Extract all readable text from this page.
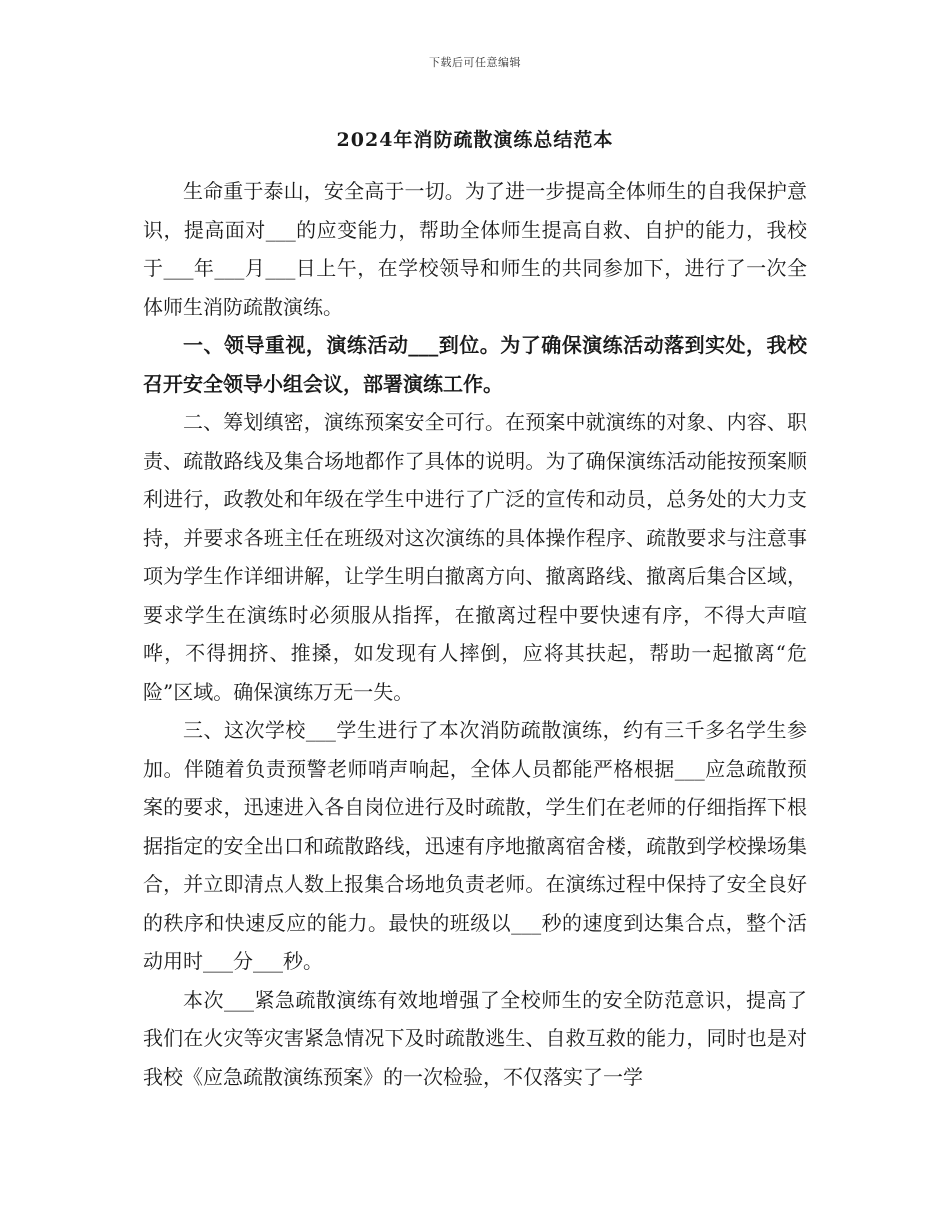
下载后可任意编辑
2024年消防疏散演练总结范本

生命重于泰山，安全高于一切。为了进一步提高全体师生的自我保护意识，提高面对___的应变能力，帮助全体师生提高自救、自护的能力，我校于___年___月___日上午，在学校领导和师生的共同参加下，进行了一次全体师生消防疏散演练。

一、领导重视，演练活动___到位。为了确保演练活动落到实处，我校召开安全领导小组会议，部署演练工作。

二、筹划缜密，演练预案安全可行。在预案中就演练的对象、内容、职责、疏散路线及集合场地都作了具体的说明。为了确保演练活动能按预案顺利进行，政教处和年级在学生中进行了广泛的宣传和动员，总务处的大力支持，并要求各班主任在班级对这次演练的具体操作程序、疏散要求与注意事项为学生作详细讲解，让学生明白撤离方向、撤离路线、撤离后集合区域，要求学生在演练时必须服从指挥，在撤离过程中要快速有序，不得大声喧哗，不得拥挤、推搡，如发现有人摔倒，应将其扶起，帮助一起撤离“危险”区域。确保演练万无一失。

三、这次学校___学生进行了本次消防疏散演练，约有三千多名学生参加。伴随着负责预警老师哨声响起，全体人员都能严格根据___应急疏散预案的要求，迅速进入各自岗位进行及时疏散，学生们在老师的仔细指挥下根据指定的安全出口和疏散路线，迅速有序地撤离宿舍楼，疏散到学校操场集合，并立即清点人数上报集合场地负责老师。在演练过程中保持了安全良好的秩序和快速反应的能力。最快的班级以___秒的速度到达集合点，整个活动用时___分___秒。

本次___紧急疏散演练有效地增强了全校师生的安全防范意识，提高了我们在火灾等灾害紧急情况下及时疏散逃生、自救互救的能力，同时也是对我校《应急疏散演练预案》的一次检验，不仅落实了一学
